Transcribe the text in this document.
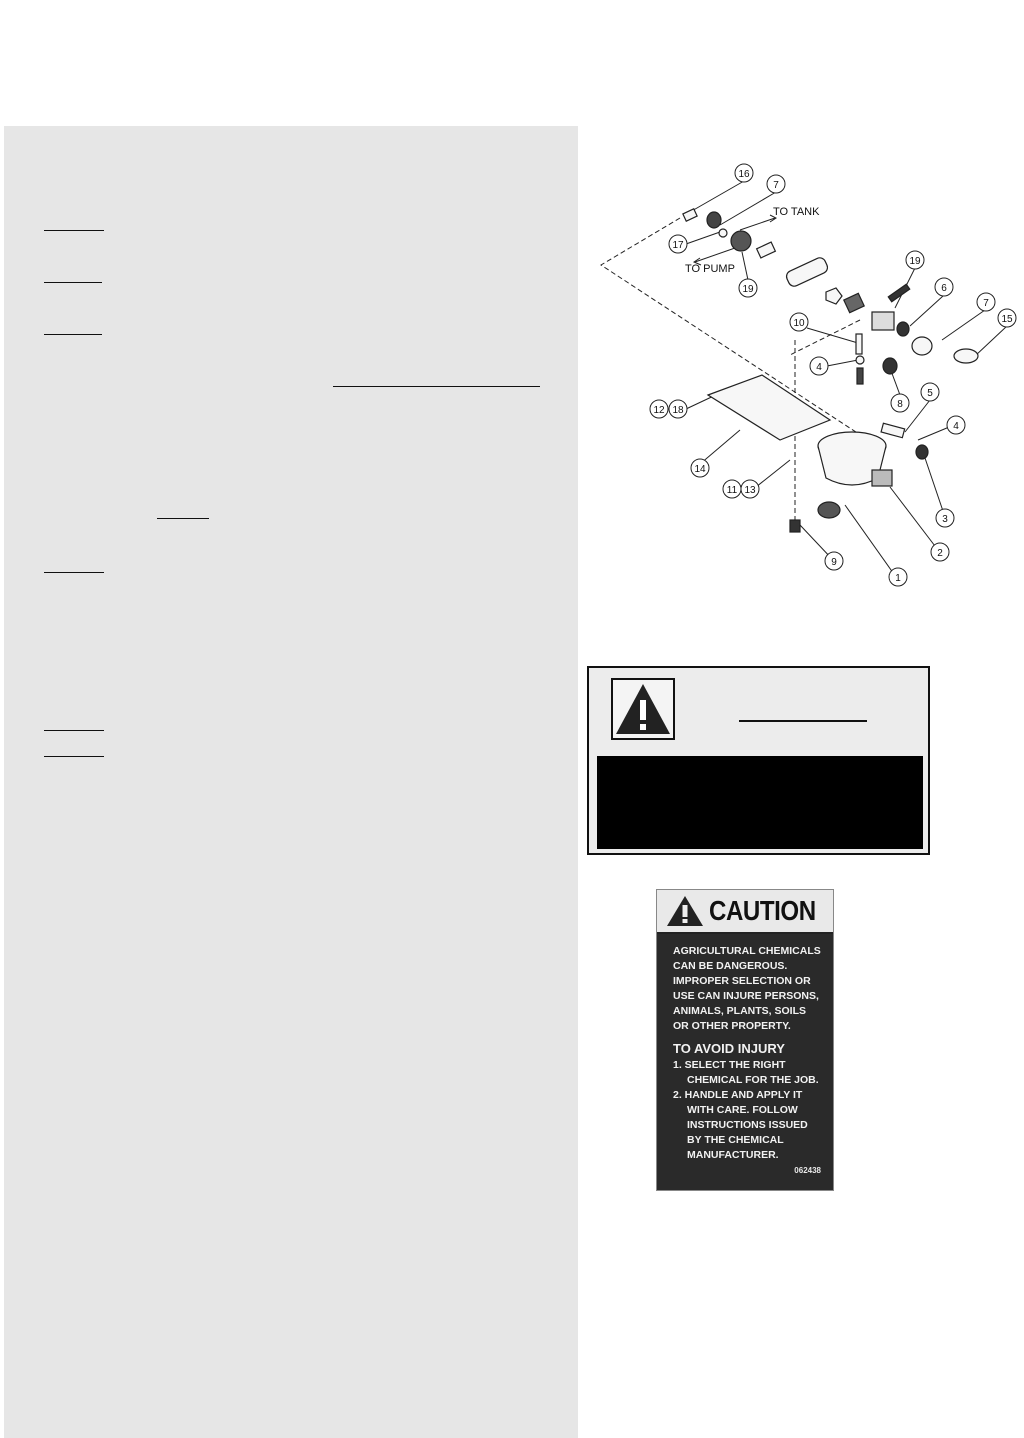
TO TANK
TO PUMP
16
7
17
19
19
6
7
15
10
4
8
5
4
12 18
14
11 13
3
2
9
1
CAUTION
AGRICULTURAL CHEMICALS
CAN BE DANGEROUS.
IMPROPER SELECTION OR
USE CAN INJURE PERSONS,
ANIMALS, PLANTS, SOILS
OR OTHER PROPERTY.
TO AVOID INJURY
1. SELECT THE RIGHT
CHEMICAL FOR THE JOB.
2. HANDLE AND APPLY IT
WITH CARE. FOLLOW
INSTRUCTIONS ISSUED
BY THE CHEMICAL
MANUFACTURER.
062438
